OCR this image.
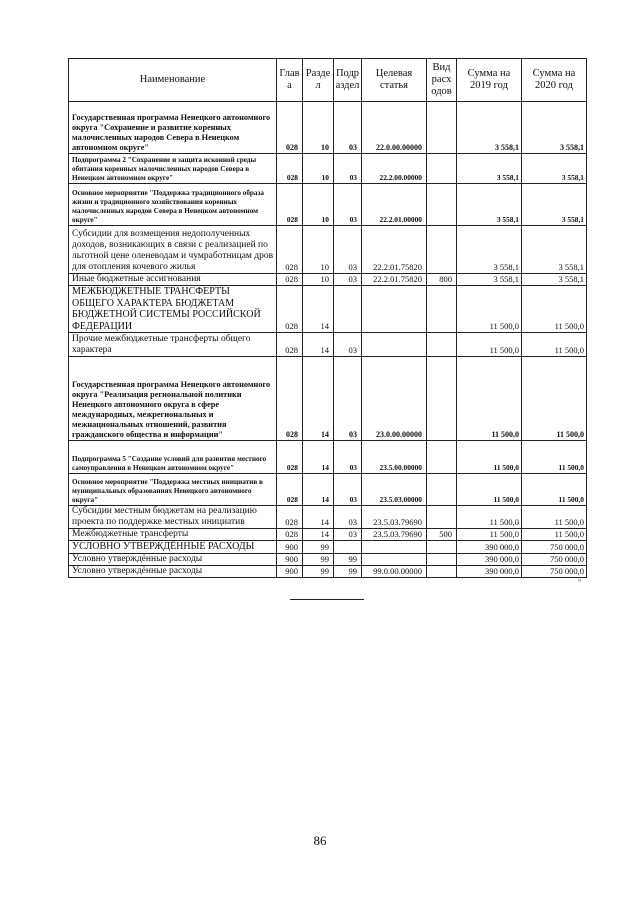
Наименование	Глав а	Разде л	Подр аздел	Целевая статья	Вид расх одов	Сумма на 2019 год	Сумма на 2020 год
Государственная программа Ненецкого автономного округа "Сохранение и развитие коренных малочисленных народов Севера в Ненецком автономном округе"	028	10	03	22.0.00.00000		3 558,1	3 558,1
Подпрограмма 2 "Сохранение и защита исконной среды обитания коренных малочисленных народов Севера в Ненецком автономном округе"	028	10	03	22.2.00.00000		3 558,1	3 558,1
Основное мероприятие "Поддержка традиционного образа жизни и традиционного хозяйствования коренных малочисленных народов Севера в Ненецком автономном округе"	028	10	03	22.2.01.00000		3 558,1	3 558,1
Субсидии для возмещения недополученных доходов, возникающих в связи с реализацией по льготной цене оленеводам и чумработницам дров для отопления кочевого жилья	028	10	03	22.2.01.75820		3 558,1	3 558,1
Иные бюджетные ассигнования	028	10	03	22.2.01.75820	800	3 558,1	3 558,1
МЕЖБЮДЖЕТНЫЕ ТРАНСФЕРТЫ ОБЩЕГО ХАРАКТЕРА БЮДЖЕТАМ БЮДЖЕТНОЙ СИСТЕМЫ РОССИЙСКОЙ ФЕДЕРАЦИИ	028	14				11 500,0	11 500,0
Прочие межбюджетные трансферты общего характера	028	14	03			11 500,0	11 500,0
Государственная программа Ненецкого автономного округа "Реализация региональной политики Ненецкого автономного округа в сфере международных, межрегиональных и межнациональных отношений, развития гражданского общества и информации"	028	14	03	23.0.00.00000		11 500,0	11 500,0
Подпрограмма 5 "Создание условий для развития местного самоуправления в Ненецком автономном округе"	028	14	03	23.5.00.00000		11 500,0	11 500,0
Основное мероприятие "Поддержка местных инициатив в муниципальных образованиях Ненецкого автономного округа"	028	14	03	23.5.03.00000		11 500,0	11 500,0
Субсидии местным бюджетам на реализацию проекта по поддержке местных инициатив	028	14	03	23.5.03.79690		11 500,0	11 500,0
Межбюджетные трансферты	028	14	03	23.5.03.79690	500	11 500,0	11 500,0
УСЛОВНО УТВЕРЖДЁННЫЕ РАСХОДЫ	900	99				390 000,0	750 000,0
Условно утверждённые расходы	900	99	99			390 000,0	750 000,0
Условно утверждённые расходы	900	99	99	99.0.00.00000		390 000,0	750 000,0
"
86
